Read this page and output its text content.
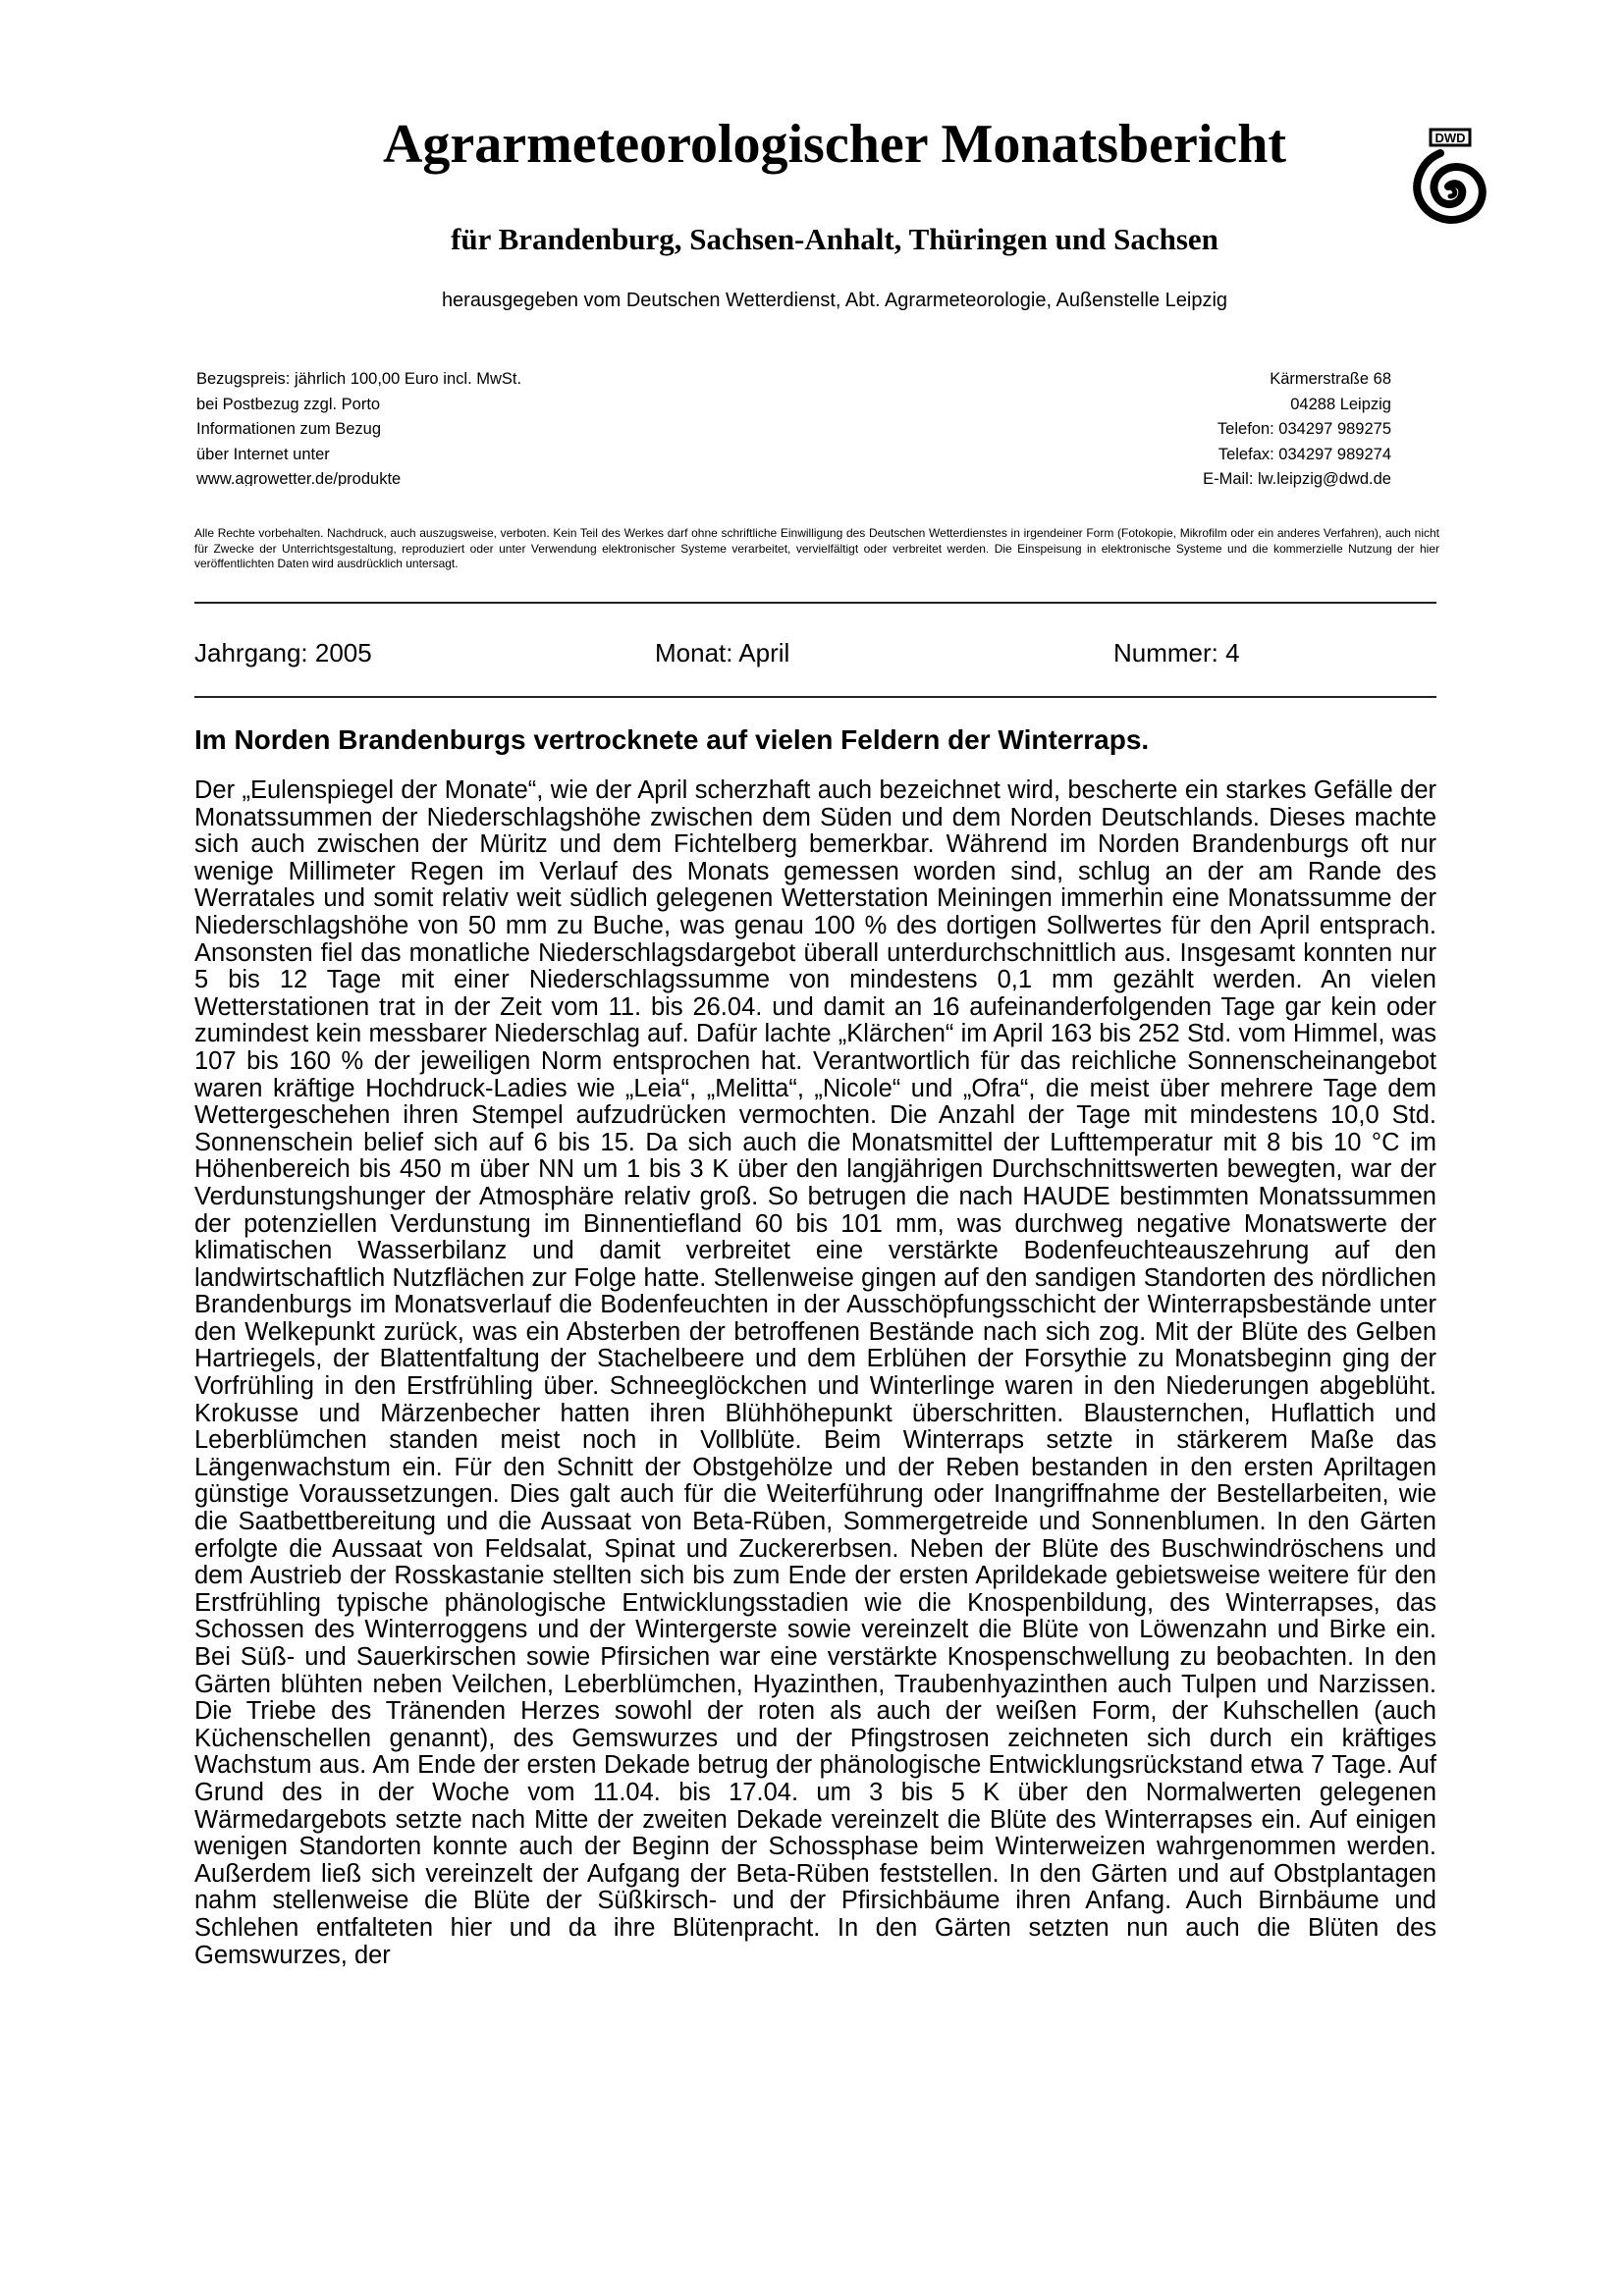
Agrarmeteorologischer Monatsbericht
für Brandenburg, Sachsen-Anhalt, Thüringen und Sachsen
herausgegeben vom Deutschen Wetterdienst, Abt. Agrarmeteorologie, Außenstelle Leipzig
DWD
Bezugspreis: jährlich 100,00 Euro incl. MwSt.
bei Postbezug zzgl. Porto
Informationen zum Bezug
über Internet unter
www.agrowetter.de/produkte
Kärmerstraße 68
04288 Leipzig
Telefon: 034297 989275
Telefax: 034297 989274
E-Mail: lw.leipzig@dwd.de
Alle Rechte vorbehalten. Nachdruck, auch auszugsweise, verboten. Kein Teil des Werkes darf ohne schriftliche Einwilligung des Deutschen Wetterdienstes in irgendeiner Form (Fotokopie, Mikrofilm oder ein anderes Verfahren), auch nicht für Zwecke der Unterrichtsgestaltung, reproduziert oder unter Verwendung elektronischer Systeme verarbeitet, vervielfältigt oder verbreitet werden. Die Einspeisung in elektronische Systeme und die kommerzielle Nutzung der hier veröffentlichten Daten wird ausdrücklich untersagt.
Jahrgang: 2005	Monat: April	Nummer: 4
Im Norden Brandenburgs vertrocknete auf vielen Feldern der Winterraps.
Der „Eulenspiegel der Monate“, wie der April scherzhaft auch bezeichnet wird, bescherte ein starkes Gefälle der Monatssummen der Niederschlagshöhe zwischen dem Süden und dem Norden Deutschlands. Dieses machte sich auch zwischen der Müritz und dem Fichtelberg bemerkbar. Während im Norden Brandenburgs oft nur wenige Millimeter Regen im Verlauf des Monats gemessen worden sind, schlug an der am Rande des Werratales und somit relativ weit südlich gelegenen Wetterstation Meiningen immerhin eine Monatssumme der Niederschlagshöhe von 50 mm zu Buche, was genau 100 % des dortigen Sollwertes für den April entsprach. Ansonsten fiel das monatliche Niederschlagsdargebot überall unterdurchschnittlich aus. Insgesamt konnten nur 5 bis 12 Tage mit einer Niederschlagssumme von mindestens 0,1 mm gezählt werden. An vielen Wetterstationen trat in der Zeit vom 11. bis 26.04. und damit an 16 aufeinanderfolgenden Tage gar kein oder zumindest kein messbarer Niederschlag auf. Dafür lachte „Klärchen“ im April 163 bis 252 Std. vom Himmel, was 107 bis 160 % der jeweiligen Norm entsprochen hat. Verantwortlich für das reichliche Sonnenscheinangebot waren kräftige Hochdruck-Ladies wie „Leia“, „Melitta“, „Nicole“ und „Ofra“, die meist über mehrere Tage dem Wettergeschehen ihren Stempel aufzudrücken vermochten. Die Anzahl der Tage mit mindestens 10,0 Std. Sonnenschein belief sich auf 6 bis 15. Da sich auch die Monatsmittel der Lufttemperatur mit 8 bis 10 °C im Höhenbereich bis 450 m über NN um 1 bis 3 K über den langjährigen Durchschnittswerten bewegten, war der Verdunstungshunger der Atmosphäre relativ groß. So betrugen die nach HAUDE bestimmten Monatssummen der potenziellen Verdunstung im Binnentiefland 60 bis 101 mm, was durchweg negative Monatswerte der klimatischen Wasserbilanz und damit verbreitet eine verstärkte Bodenfeuchteauszehrung auf den landwirtschaftlich Nutzflächen zur Folge hatte. Stellenweise gingen auf den sandigen Standorten des nördlichen Brandenburgs im Monatsverlauf die Bodenfeuchten in der Ausschöpfungsschicht der Winterrapsbestände unter den Welkepunkt zurück, was ein Absterben der betroffenen Bestände nach sich zog. Mit der Blüte des Gelben Hartriegels, der Blattentfaltung der Stachelbeere und dem Erblühen der Forsythie zu Monatsbeginn ging der Vorfrühling in den Erstfrühling über. Schneeglöckchen und Winterlinge waren in den Niederungen abgeblüht. Krokusse und Märzenbecher hatten ihren Blühhöhepunkt überschritten. Blausternchen, Huflattich und Leberblümchen standen meist noch in Vollblüte. Beim Winterraps setzte in stärkerem Maße das Längenwachstum ein. Für den Schnitt der Obstgehölze und der Reben bestanden in den ersten Apriltagen günstige Voraussetzungen. Dies galt auch für die Weiterführung oder Inangriffnahme der Bestellarbeiten, wie die Saatbettbereitung und die Aussaat von Beta-Rüben, Sommergetreide und Sonnenblumen. In den Gärten erfolgte die Aussaat von Feldsalat, Spinat und Zuckererbsen. Neben der Blüte des Buschwindröschens und dem Austrieb der Rosskastanie stellten sich bis zum Ende der ersten Aprildekade gebietsweise weitere für den Erstfrühling typische phänologische Entwicklungsstadien wie die Knospenbildung, des Winterrapses, das Schossen des Winterroggens und der Wintergerste sowie vereinzelt die Blüte von Löwenzahn und Birke ein. Bei Süß- und Sauerkirschen sowie Pfirsichen war eine verstärkte Knospenschwellung zu beobachten. In den Gärten blühten neben Veilchen, Leberblümchen, Hyazinthen, Traubenhyazinthen auch Tulpen und Narzissen. Die Triebe des Tränenden Herzes sowohl der roten als auch der weißen Form, der Kuhschellen (auch Küchenschellen genannt), des Gemswurzes und der Pfingstrosen zeichneten sich durch ein kräftiges Wachstum aus. Am Ende der ersten Dekade betrug der phänologische Entwicklungsrückstand etwa 7 Tage. Auf Grund des in der Woche vom 11.04. bis 17.04. um 3 bis 5 K über den Normalwerten gelegenen Wärmedargebots setzte nach Mitte der zweiten Dekade vereinzelt die Blüte des Winterrapses ein. Auf einigen wenigen Standorten konnte auch der Beginn der Schossphase beim Winterweizen wahrgenommen werden. Außerdem ließ sich vereinzelt der Aufgang der Beta-Rüben feststellen. In den Gärten und auf Obstplantagen nahm stellenweise die Blüte der Süßkirsch- und der Pfirsichbäume ihren Anfang. Auch Birnbäume und Schlehen entfalteten hier und da ihre Blütenpracht. In den Gärten setzten nun auch die Blüten des Gemswurzes, der
